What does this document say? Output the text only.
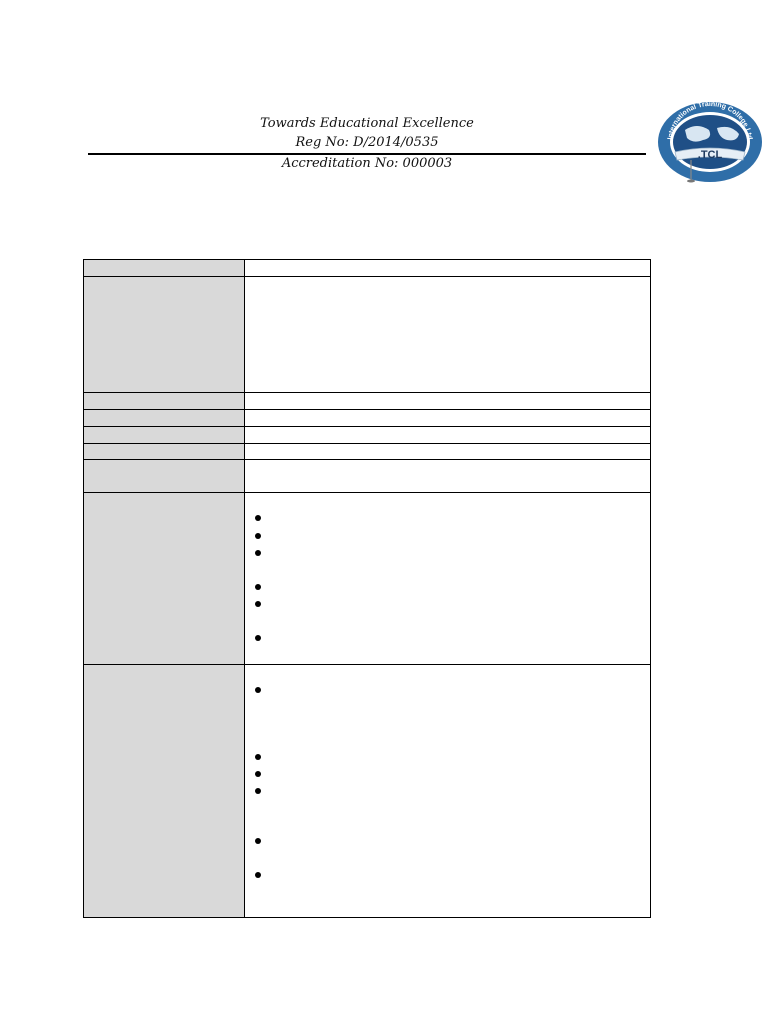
Towards Educational Excellence
Reg No: D/2014/0535
Accreditation No: 000003
.TCL
International Training College Ltd
